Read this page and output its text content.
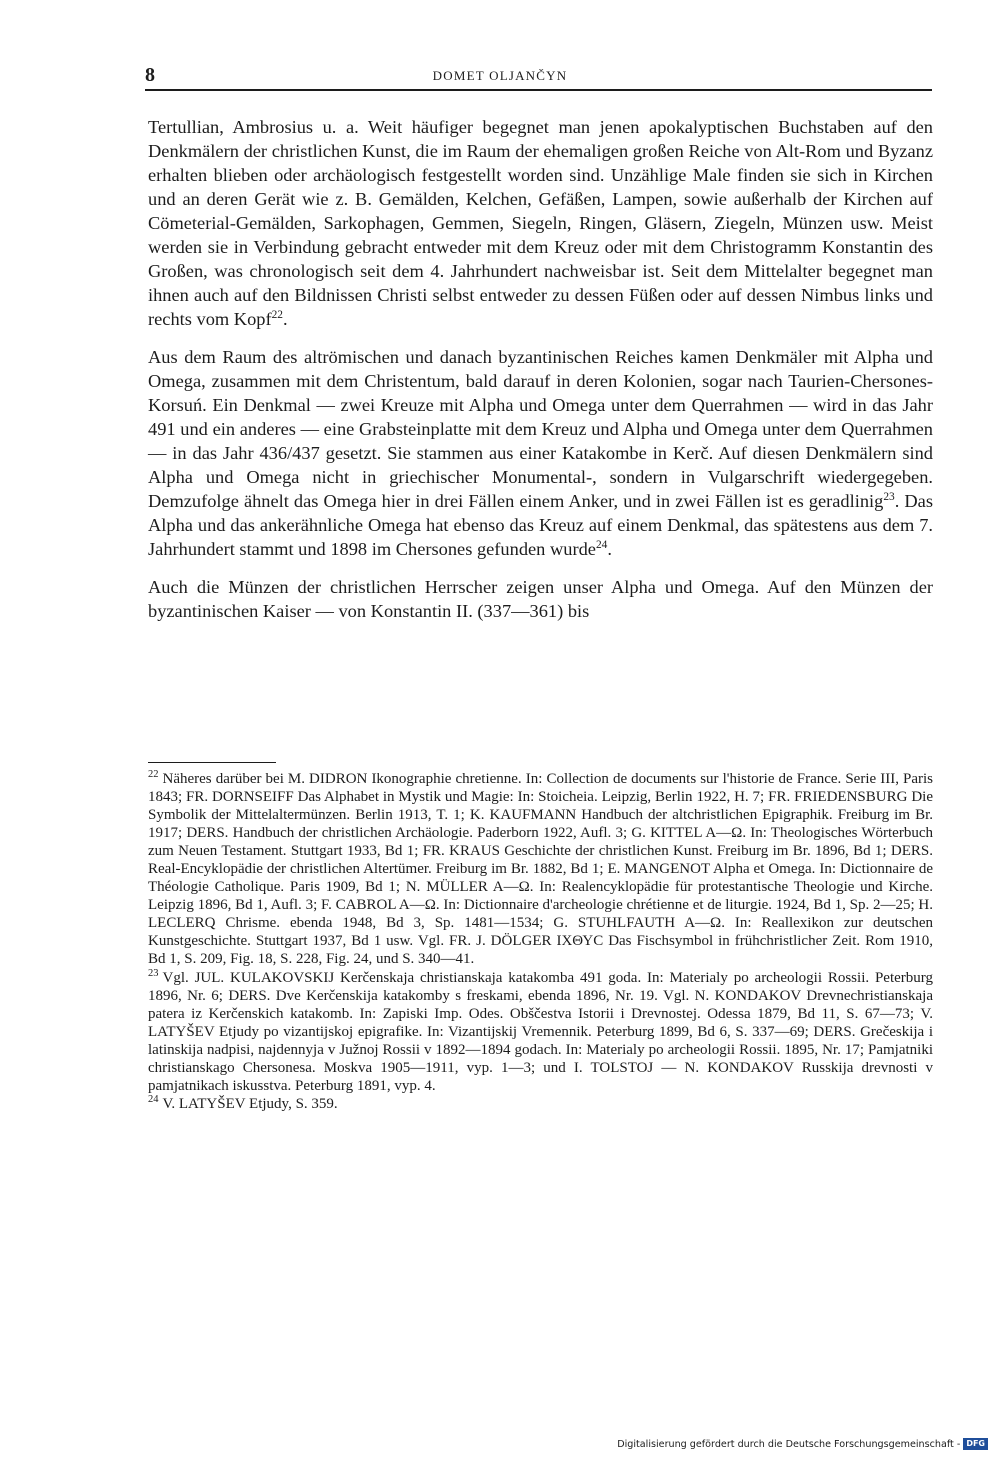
8	DOMET OLJANČYN

Tertullian, Ambrosius u. a. Weit häufiger begegnet man jenen apokalyptischen Buchstaben auf den Denkmälern der christlichen Kunst, die im Raum der ehemaligen großen Reiche von Alt-Rom und Byzanz erhalten blieben oder archäologisch festgestellt worden sind. Unzählige Male finden sie sich in Kirchen und an deren Gerät wie z. B. Gemälden, Kelchen, Gefäßen, Lampen, sowie außerhalb der Kirchen auf Cömeterial-Gemälden, Sarkophagen, Gemmen, Siegeln, Ringen, Gläsern, Ziegeln, Münzen usw. Meist werden sie in Verbindung gebracht entweder mit dem Kreuz oder mit dem Christogramm Konstantin des Großen, was chronologisch seit dem 4. Jahrhundert nachweisbar ist. Seit dem Mittelalter begegnet man ihnen auch auf den Bildnissen Christi selbst entweder zu dessen Füßen oder auf dessen Nimbus links und rechts vom Kopf$^{22}$.

Aus dem Raum des altrömischen und danach byzantinischen Reiches kamen Denkmäler mit Alpha und Omega, zusammen mit dem Christentum, bald darauf in deren Kolonien, sogar nach Taurien-Chersones-Korsuń. Ein Denkmal — zwei Kreuze mit Alpha und Omega unter dem Querrahmen — wird in das Jahr 491 und ein anderes — eine Grabsteinplatte mit dem Kreuz und Alpha und Omega unter dem Querrahmen — in das Jahr 436/437 gesetzt. Sie stammen aus einer Katakombe in Kerč. Auf diesen Denkmälern sind Alpha und Omega nicht in griechischer Monumental-, sondern in Vulgarschrift wiedergegeben. Demzufolge ähnelt das Omega hier in drei Fällen einem Anker, und in zwei Fällen ist es geradlinig$^{23}$. Das Alpha und das ankerähnliche Omega hat ebenso das Kreuz auf einem Denkmal, das spätestens aus dem 7. Jahrhundert stammt und 1898 im Chersones gefunden wurde$^{24}$.

Auch die Münzen der christlichen Herrscher zeigen unser Alpha und Omega. Auf den Münzen der byzantinischen Kaiser — von Konstantin II. (337—361) bis

$^{22}$ Näheres darüber bei M. DIDRON Ikonographie chretienne. In: Collection de documents sur l'historie de France. Serie III, Paris 1843; FR. DORNSEIFF Das Alphabet in Mystik und Magie: In: Stoicheia. Leipzig, Berlin 1922, H. 7; FR. FRIEDENSBURG Die Symbolik der Mittelaltermünzen. Berlin 1913, T. 1; K. KAUFMANN Handbuch der altchristlichen Epigraphik. Freiburg im Br. 1917; DERS. Handbuch der christlichen Archäologie. Paderborn 1922, Aufl. 3; G. KITTEL A—Ω. In: Theologisches Wörterbuch zum Neuen Testament. Stuttgart 1933, Bd 1; FR. KRAUS Geschichte der christlichen Kunst. Freiburg im Br. 1896, Bd 1; DERS. Real-Encyklopädie der christlichen Altertümer. Freiburg im Br. 1882, Bd 1; E. MANGENOT Alpha et Omega. In: Dictionnaire de Théologie Catholique. Paris 1909, Bd 1; N. MÜLLER A—Ω. In: Realencyklopädie für protestantische Theologie und Kirche. Leipzig 1896, Bd 1, Aufl. 3; F. CABROL A—Ω. In: Dictionnaire d'archeologie chrétienne et de liturgie. 1924, Bd 1, Sp. 2—25; H. LECLERQ Chrisme. ebenda 1948, Bd 3, Sp. 1481—1534; G. STUHLFAUTH A—Ω. In: Reallexikon zur deutschen Kunstgeschichte. Stuttgart 1937, Bd 1 usw. Vgl. FR. J. DÖLGER ΙΧΘΥC Das Fischsymbol in frühchristlicher Zeit. Rom 1910, Bd 1, S. 209, Fig. 18, S. 228, Fig. 24, und S. 340—41.

$^{23}$ Vgl. JUL. KULAKOVSKIJ Kerčenskaja christianskaja katakomba 491 goda. In: Materialy po archeologii Rossii. Peterburg 1896, Nr. 6; DERS. Dve Kerčenskija katakomby s freskami, ebenda 1896, Nr. 19. Vgl. N. KONDAKOV Drevnechristianskaja patera iz Kerčenskich katakomb. In: Zapiski Imp. Odes. Obščestva Istorii i Drevnostej. Odessa 1879, Bd 11, S. 67—73; V. LATYŠEV Etjudy po vizantijskoj epigrafike. In: Vizantijskij Vremennik. Peterburg 1899, Bd 6, S. 337—69; DERS. Grečeskija i latinskija nadpisi, najdennyja v Južnoj Rossii v 1892—1894 godach. In: Materialy po archeologii Rossii. 1895, Nr. 17; Pamjatniki christianskago Chersonesa. Moskva 1905—1911, vyp. 1—3; und I. TOLSTOJ — N. KONDAKOV Russkija drevnosti v pamjatnikach iskusstva. Peterburg 1891, vyp. 4.

$^{24}$ V. LATYŠEV Etjudy, S. 359.

Digitalisierung gefördert durch die Deutsche Forschungsgemeinschaft - DFG
